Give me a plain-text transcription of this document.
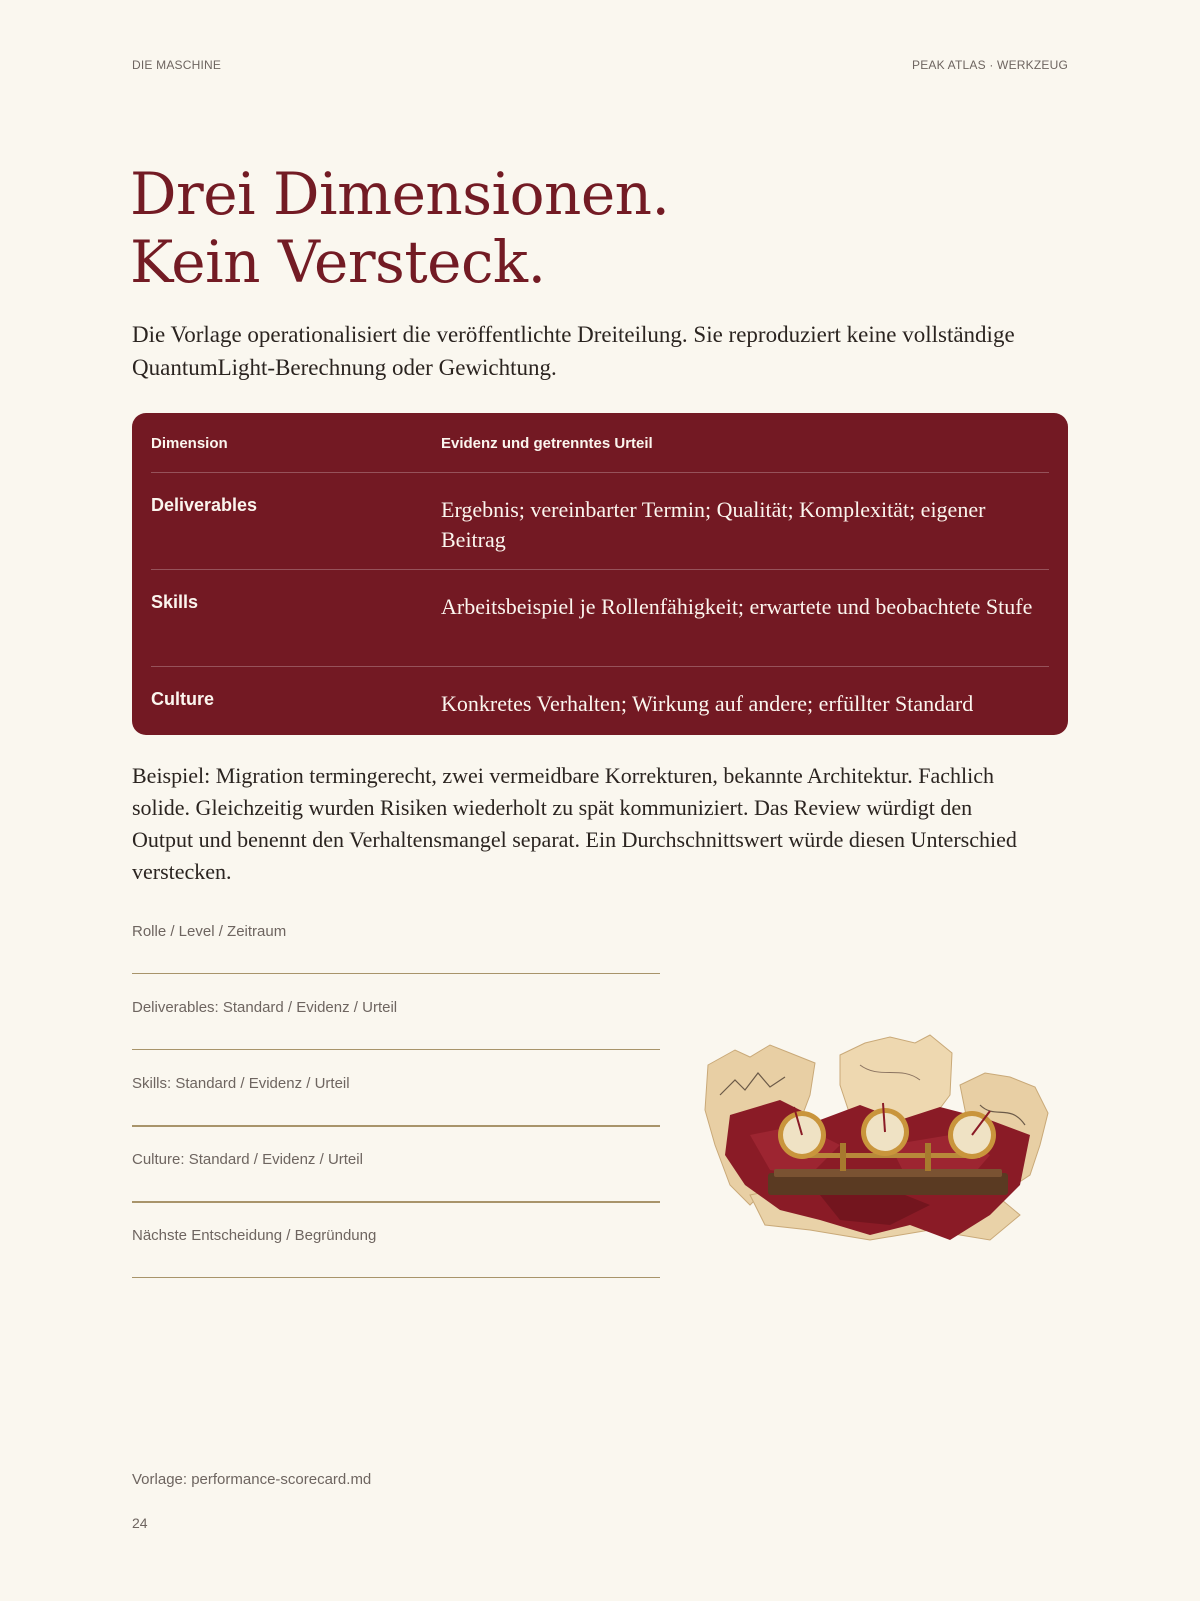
DIE MASCHINE	PEAK ATLAS · WERKZEUG
Drei Dimensionen.
Kein Versteck.

Die Vorlage operationalisiert die veröffentlichte Dreiteilung. Sie reproduziert keine vollständige QuantumLight-Berechnung oder Gewichtung.

Dimension	Evidenz und getrenntes Urteil
Deliverables	Ergebnis; vereinbarter Termin; Qualität; Komplexität; eigener Beitrag
Skills	Arbeitsbeispiel je Rollenfähigkeit; erwartete und beobachtete Stufe
Culture	Konkretes Verhalten; Wirkung auf andere; erfüllter Standard

Beispiel: Migration termingerecht, zwei vermeidbare Korrekturen, bekannte Architektur. Fachlich solide. Gleichzeitig wurden Risiken wiederholt zu spät kommuniziert. Das Review würdigt den Output und benennt den Verhaltensmangel separat. Ein Durchschnittswert würde diesen Unterschied verstecken.

Rolle / Level / Zeitraum
Deliverables: Standard / Evidenz / Urteil
Skills: Standard / Evidenz / Urteil
Culture: Standard / Evidenz / Urteil
Nächste Entscheidung / Begründung
Vorlage: performance-scorecard.md
24
